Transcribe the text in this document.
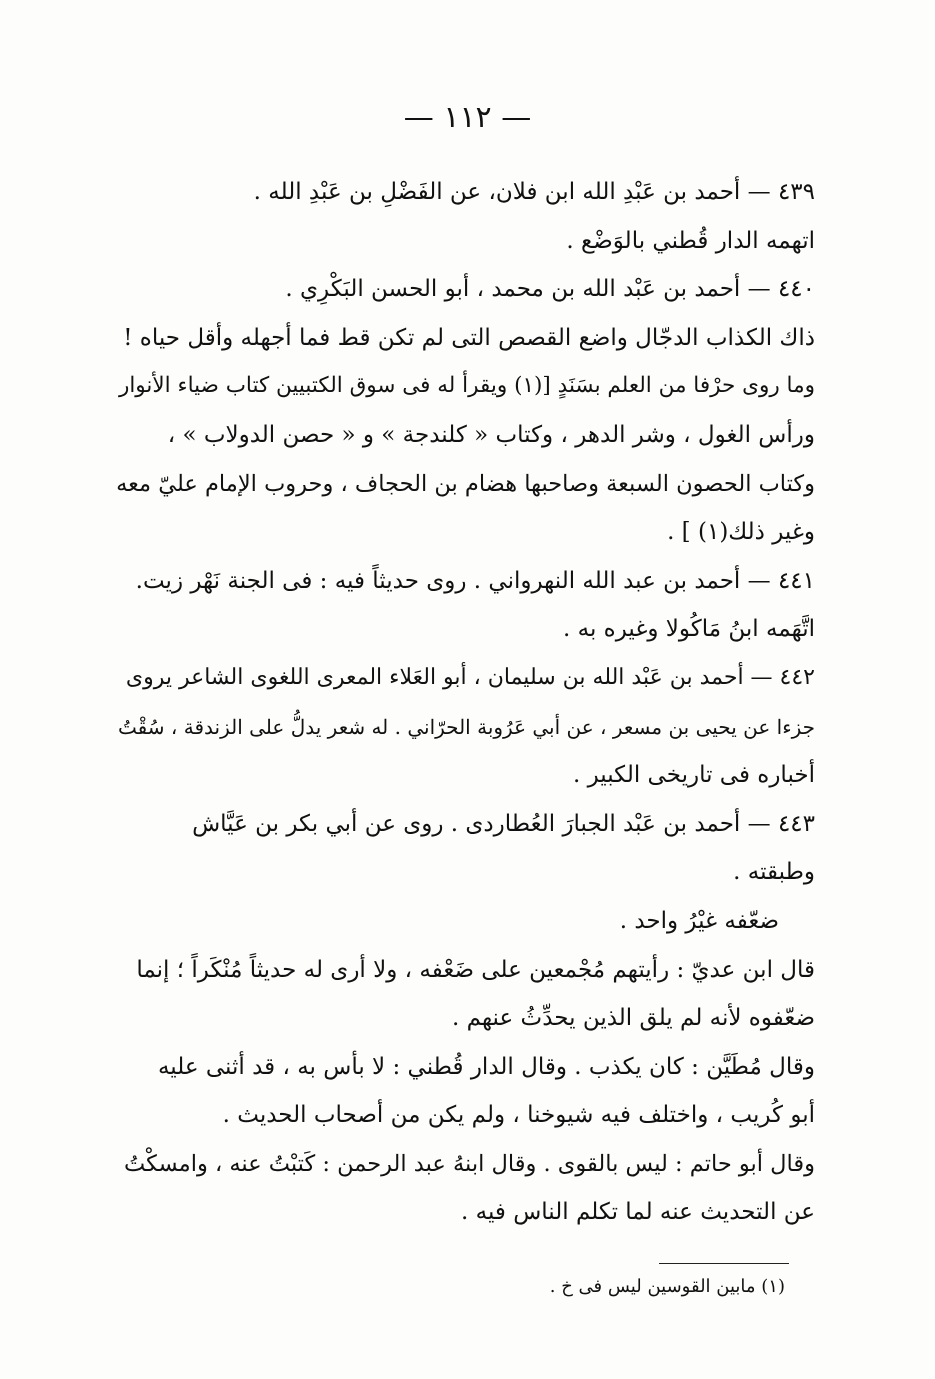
— ١١٢ —
٤٣٩ — أحمد بن عَبْدِ الله ابن فلان، عن الفَضْلِ بن عَبْدِ الله .
اتهمه الدار قُطني بالوَضْع .
٤٤٠ — أحمد بن عَبْد الله بن محمد ، أبو الحسن البَكْرِي .
ذاك الكذاب الدجّال واضع القصص التى لم تكن قط فما أجهله وأقل حياه !
وما روى حرْفا من العلم بسَنَدٍ [(١) ويقرأ له فى سوق الكتبيين كتاب ضياء الأنوار
ورأس الغول ، وشر الدهر ، وكتاب « كلندجة » و « حصن الدولاب » ،
وكتاب الحصون السبعة وصاحبها هضام بن الحجاف ، وحروب الإمام عليّ معه
وغير ذلك(١) ] .
٤٤١ — أحمد بن عبد الله النهرواني . روى حديثاً فيه : فى الجنة نَهْر زيت.
اتَّهَمه ابنُ مَاكُولا وغيره به .
٤٤٢ — أحمد بن عَبْد الله بن سليمان ، أبو العَلاء المعرى اللغوى الشاعر يروى
جزءا عن يحيى بن مسعر ، عن أبي عَرُوبة الحرّاني . له شعر يدلُّ على الزندقة ، سُقْتُ
أخباره فى تاريخى الكبير .
٤٤٣ — أحمد بن عَبْد الجبارَ العُطاردى . روى عن أبي بكر بن عَيَّاش
وطبقته .
ضعّفه غيْرُ واحد .
قال ابن عديّ : رأيتهم مُجْمعين على ضَعْفه ، ولا أرى له حديثاً مُنْكَراً ؛ إنما
ضعّفوه لأنه لم يلق الذين يحدِّثُ عنهم .
وقال مُطَيَّن : كان يكذب . وقال الدار قُطني : لا بأس به ، قد أثنى عليه
أبو كُريب ، واختلف فيه شيوخنا ، ولم يكن من أصحاب الحديث .
وقال أبو حاتم : ليس بالقوى . وقال ابنهُ عبد الرحمن : كَتبْتُ عنه ، وامسكْتُ
عن التحديث عنه لما تكلم الناس فيه .
(١) مابين القوسين ليس فى خ .
